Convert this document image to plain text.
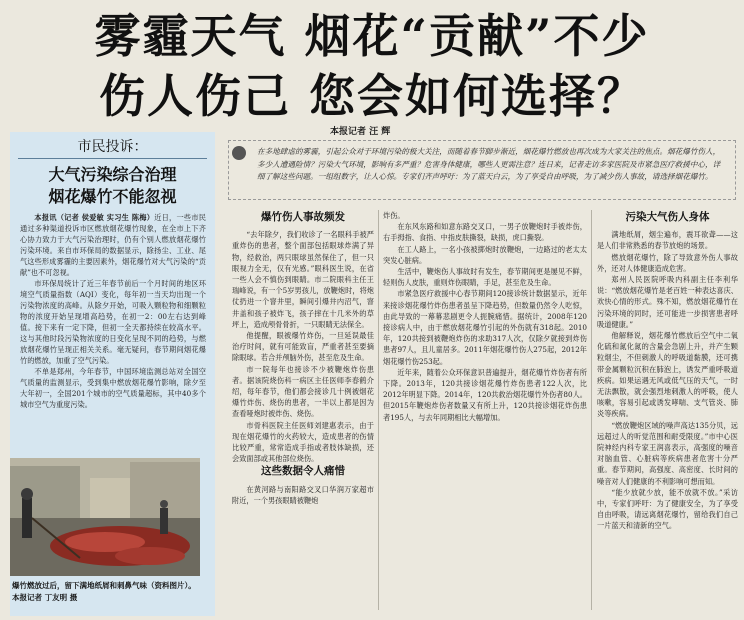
雾霾天气 烟花“贡献”不少
伤人伤己 您会如何选择？
本报记者 汪 辉
市民投诉：
大气污染综合治理
烟花爆竹不能忽视

本报讯（记者 侯爱敏 实习生 陈梅）近日，一些市民通过多种渠道投诉市区燃放烟花爆竹现象，在全市上下齐心协力致力于大气污染治理时，仍有个别人燃放烟花爆竹污染环境。来自市环保局的数据显示，除扬尘、工业、尾气这些形成雾霾的主要因素外，烟花爆竹对大气污染的“贡献”也不可忽视。

市环保局统计了近三年春节前后一个月时间的地区环境空气质量指数（AQI）变化，每年初一当天均出现一个污染物浓度的高峰。从除夕开始，可吸入颗粒物和细颗粒物的浓度开始呈现增高趋势，在初一2：00左右达到峰值。接下来有一定下降，但初一全天都持续在较高水平。这与其他时段污染物浓度的日变化呈现不同的趋势，与燃放烟花爆竹呈现正相关关系。毫无疑问，春节期间烟花爆竹的燃放，加重了空气污染。

不单是郑州，今年春节，中国环境监测总站对全国空气质量的监测显示，受到集中燃放烟花爆竹影响，除夕至大年初一，全国201个城市的空气质量超标，其中40多个城市空气为重度污染。

爆竹燃放过后，留下满地纸屑和刺鼻气味（资料图片）。 本报记者 丁友明 摄
在多地肆虐的雾霾，引起公众对于环境污染的极大关注，而随着春节脚步渐近，烟花爆竹燃放也再次成为大家关注的焦点。烟花爆竹伤人，多少人遭遇险情？污染大气环境，影响有多严重？危害身体健康，哪些人更需注意？连日来，记者走访多家医院及市紧急医疗救援中心，详细了解这些问题。一组组数字，让人心惊。专家们齐声呼吁：为了蓝天白云，为了享受自由呼吸，为了减少伤人事故，请选择烟花爆竹。
爆竹伤人事故频发

“去年除夕，我们收诊了一名眼科手被严重炸伤的患者，整个面部包括眼球炸满了异物，经救治，两只眼球虽然保住了，但一只眼视力全无，仅有光感。”眼科医生说，在省一些人会不慎伤到眼睛。市二院眼科主任王瑞峰说，有一个5岁男孩儿，放鞭炮时，将炮仗扔进一个窨井里，瞬间引爆井内沼气，窨井盖和孩子被炸飞，孩子摔在十几米外的草坪上，造成颅骨骨折，一只眼睛无法保全。

他提醒，眼被爆竹炸伤，一旦延误最佳治疗时间，就有可能致盲，严重者甚至要摘除眼球。若合并颅脑外伤，甚至危及生命。

市一院每年也接诊不少被鞭炮炸伤患者。据该院烧伤科一病区主任医师李春鹤介绍，每年春节，他们都会接诊几十例被烟花爆竹炸伤、烧伤的患者，一半以上都是因为查看哑炮时被炸伤、烧伤。

市骨科医院主任医师刘建惠表示，由于现在烟花爆竹的火药较大，造成患者的伤情比较严重，常常造成手指或者肢体缺损，还会致面部或其他部位烧伤。

这些数据令人痛惜

在黄河路与南阳路交叉口华润万家超市附近，一个男孩眼睛被鞭炮

炸伤。

在东风东路和如意东路交叉口，一男子放鞭炮时手被炸伤，右手拇指、食指、中指皮肤撕裂，缺损，虎口撕裂。

在工人路上，一名小孩被掷炮时放鞭炮，一边路过的老太太突发心脏病。

生活中，鞭炮伤人事故时有发生，春节期间更是屡见不鲜，轻则伤人皮肤，重则炸伤眼睛，手足，甚至危及生命。

市紧急医疗救援中心春节期间120接诊统计数据显示，近年来接诊烟花爆竹炸伤患者虽呈下降趋势，但数量仍然令人吃惊，由此导致的一幕幕悲剧更令人扼腕痛惜。据统计，2008年120接诊病人中，由于燃放烟花爆竹引起的外伤就有318起。2010年，120共接到被鞭炮炸伤的求助317人次，仅除夕就接到炸伤患者97人，且儿童居多。2011年烟花爆竹伤人275起，2012年烟花爆竹伤253起。

近年来，随着公众环保意识普遍提升，烟花爆竹炸伤者有所下降。2013年，120共接诊烟花爆竹炸伤患者122人次，比2012年明显下降。2014年，120共救治烟花爆竹外伤者80人。但2015年鞭炮炸伤者数量又有所上升，120共接诊烟花炸伤患者195人，与去年同期相比大幅增加。

污染大气伤人身体

满地纸屑，烟尘遍布，震耳欲聋——这是人们非常熟悉的春节放炮的场景。

燃放烟花爆竹，除了导致意外伤人事故外，还对人体健康造成危害。

郑州人民医院呼吸内科副主任李利华说：“燃放烟花爆竹是老百姓一种表达喜庆、欢快心情的形式。殊不知，燃放烟花爆竹在污染环境的同时，还可能进一步损害患者呼吸道健康。”

他解释说，烟花爆竹燃放后空气中二氧化硫和氮化氮的含量会急剧上升，并产生颗粒烟尘，不但刺激人的呼吸道黏膜，还可携带金属颗粒沉积在肺泡上，诱发严重呼吸道疾病。如果运遇无风或低气压的天气，一时无法飘散，就会强烈地刺激人的呼吸，使人咳嗽，容易引起或诱发哮喘、支气管炎、肺炎等疾病。

“燃放鞭炮区域的噪声高达135分贝，远远超过人的听觉范围和耐受限度。”市中心医院神经内科专家王润喜表示，高强度的噪音对脑血管、心脏病等疾病患者危害十分严重。春节期间，高强度、高密度、长时间的噪音对人们健康的不利影响可想而知。

“能少放就少放，能不放就不放。”采访中，专家们呼吁：为了健康安全，为了享受自由呼吸，请远离烟花爆竹，留给我们自己一片蓝天和清新的空气。
